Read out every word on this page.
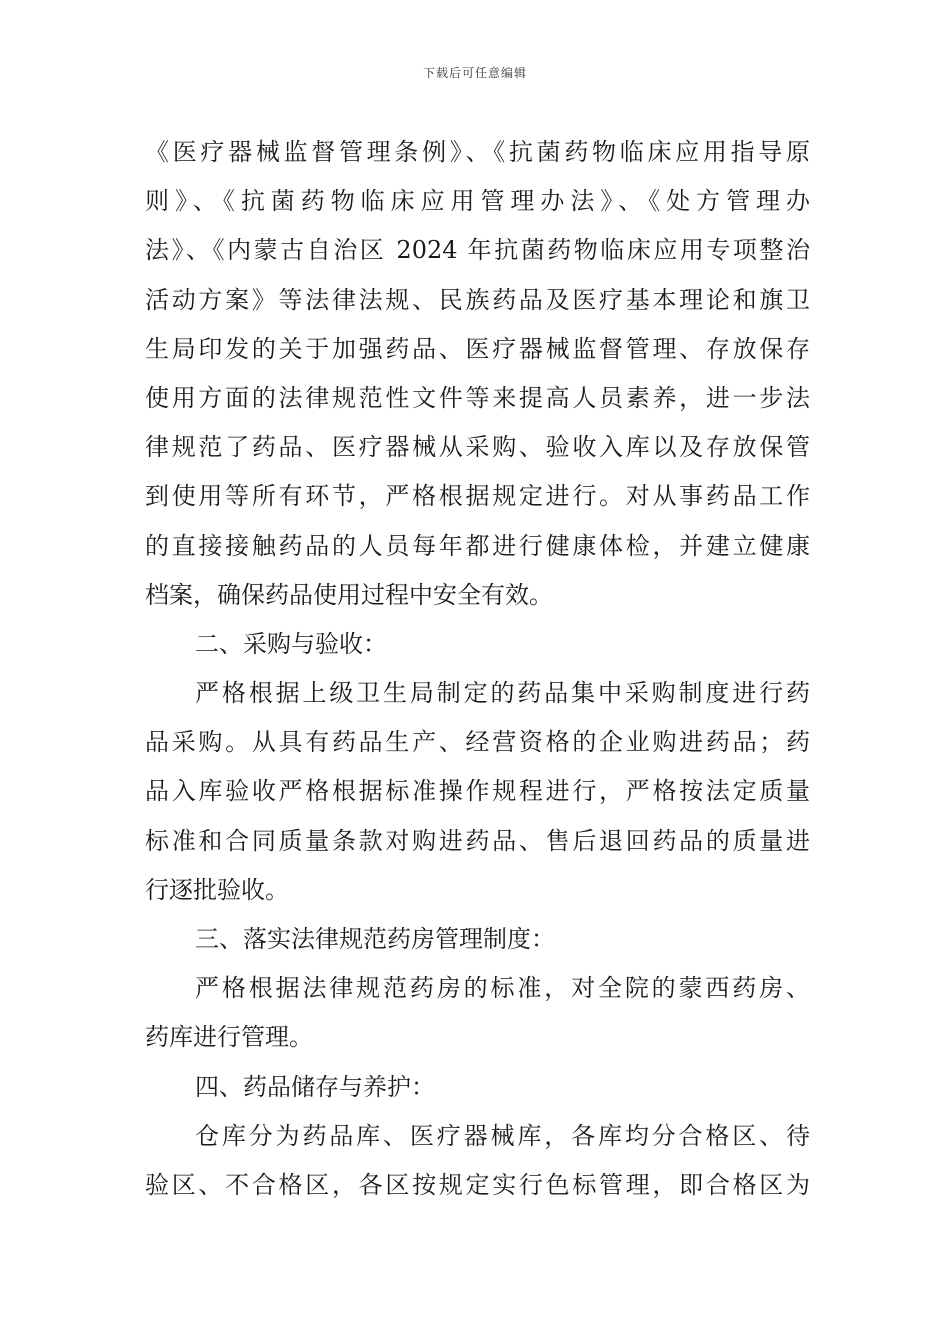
下载后可任意编辑
《医疗器械监督管理条例》、《抗菌药物临床应用指导原
则》、《抗菌药物临床应用管理办法》、《处方管理办
法》、《内蒙古自治区 2024 年抗菌药物临床应用专项整治
活动方案》等法律法规、民族药品及医疗基本理论和旗卫
生局印发的关于加强药品、医疗器械监督管理、存放保存
使用方面的法律规范性文件等来提高人员素养，进一步法
律规范了药品、医疗器械从采购、验收入库以及存放保管
到使用等所有环节，严格根据规定进行。对从事药品工作
的直接接触药品的人员每年都进行健康体检，并建立健康
档案，确保药品使用过程中安全有效。
二、采购与验收：
严格根据上级卫生局制定的药品集中采购制度进行药
品采购。从具有药品生产、经营资格的企业购进药品；药
品入库验收严格根据标准操作规程进行，严格按法定质量
标准和合同质量条款对购进药品、售后退回药品的质量进
行逐批验收。
三、落实法律规范药房管理制度：
严格根据法律规范药房的标准，对全院的蒙西药房、
药库进行管理。
四、药品储存与养护：
仓库分为药品库、医疗器械库，各库均分合格区、待
验区、不合格区，各区按规定实行色标管理，即合格区为
